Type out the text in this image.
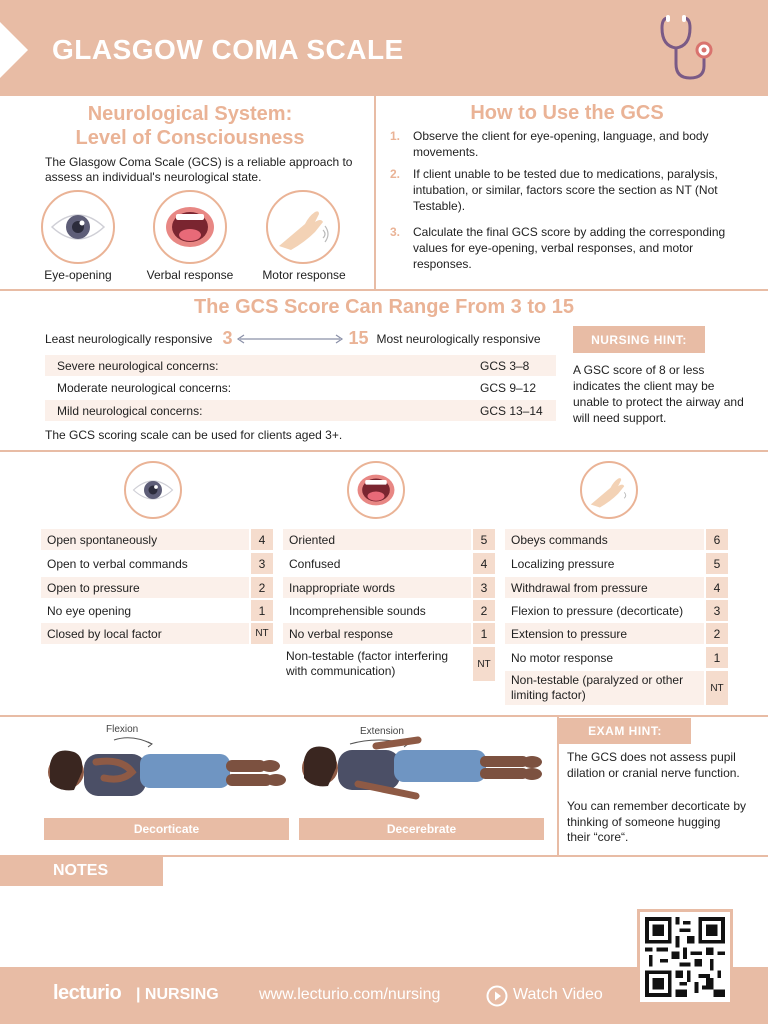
GLASGOW COMA SCALE
Neurological System:
Level of Consciousness
The Glasgow Coma Scale (GCS) is a reliable approach to assess an individual's neurological state.
Eye-opening	Verbal response	Motor response
How to Use the GCS
1.	Observe the client for eye-opening, language, and body movements.
2.	If client unable to be tested due to medications, paralysis, intubation, or similar, factors score the section as NT (Not Testable).
3.	Calculate the final GCS score by adding the corresponding values for eye-opening, verbal responses, and motor responses.
The GCS Score Can Range From 3 to 15
Least neurologically responsive 3	15 Most neurologically responsive
Severe neurological concerns:	GCS 3–8
Moderate neurological concerns:	GCS 9–12
Mild neurological concerns:	GCS 13–14
The GCS scoring scale can be used for clients aged 3+.
NURSING HINT:
A GSC score of 8 or less indicates the client may be unable to protect the airway and will need support.
Open spontaneously	4
Open to verbal commands	3
Open to pressure	2
No eye opening	1
Closed by local factor	NT
Oriented	5
Confused	4
Inappropriate words	3
Incomprehensible sounds	2
No verbal response	1
Non-testable (factor interfering with communication)	NT
Obeys commands	6
Localizing pressure	5
Withdrawal from pressure	4
Flexion to pressure (decorticate)	3
Extension to pressure	2
No motor response	1
Non-testable (paralyzed or other limiting factor)	NT
Flexion	Extension
Decorticate	Decerebrate
EXAM HINT:
The GCS does not assess pupil dilation or cranial nerve function.
You can remember decorticate by thinking of someone hugging their “core“.
NOTES
lecturio | NURSING	www.lecturio.com/nursing	Watch Video
